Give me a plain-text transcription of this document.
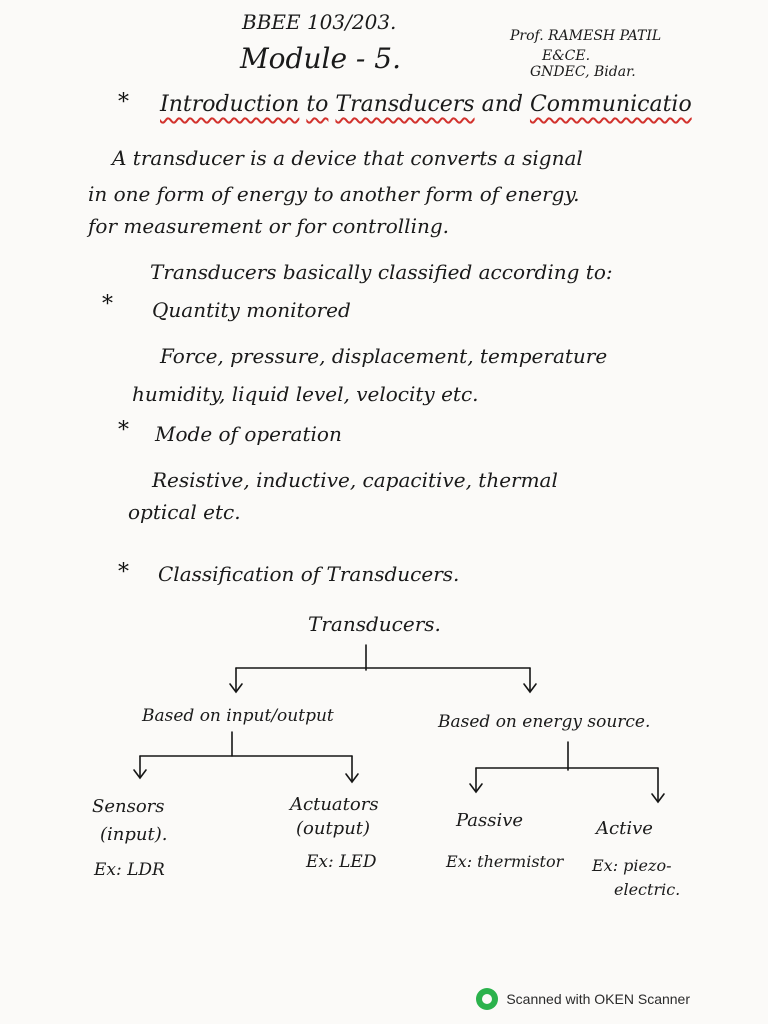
BBEE 103/203.
Module - 5.
Prof. RAMESH PATIL
E&CE.
GNDEC, Bidar.
* Introduction to Transducers and Communicatio
A transducer is a device that converts a signal
in one form of energy to another form of energy.
for measurement or for controlling.
Transducers basically classified according to:
* Quantity monitored
Force, pressure, displacement, temperature
humidity, liquid level, velocity etc.
* Mode of operation
Resistive, inductive, capacitive, thermal
optical etc.
* Classification of Transducers.
Transducers.
Based on input/output	Based on energy source.
Sensors
(input).
Ex: LDR
Actuators
(output)
Ex: LED
Passive
Ex: thermistor
Active
Ex: piezo-
electric.
Scanned with OKEN Scanner
